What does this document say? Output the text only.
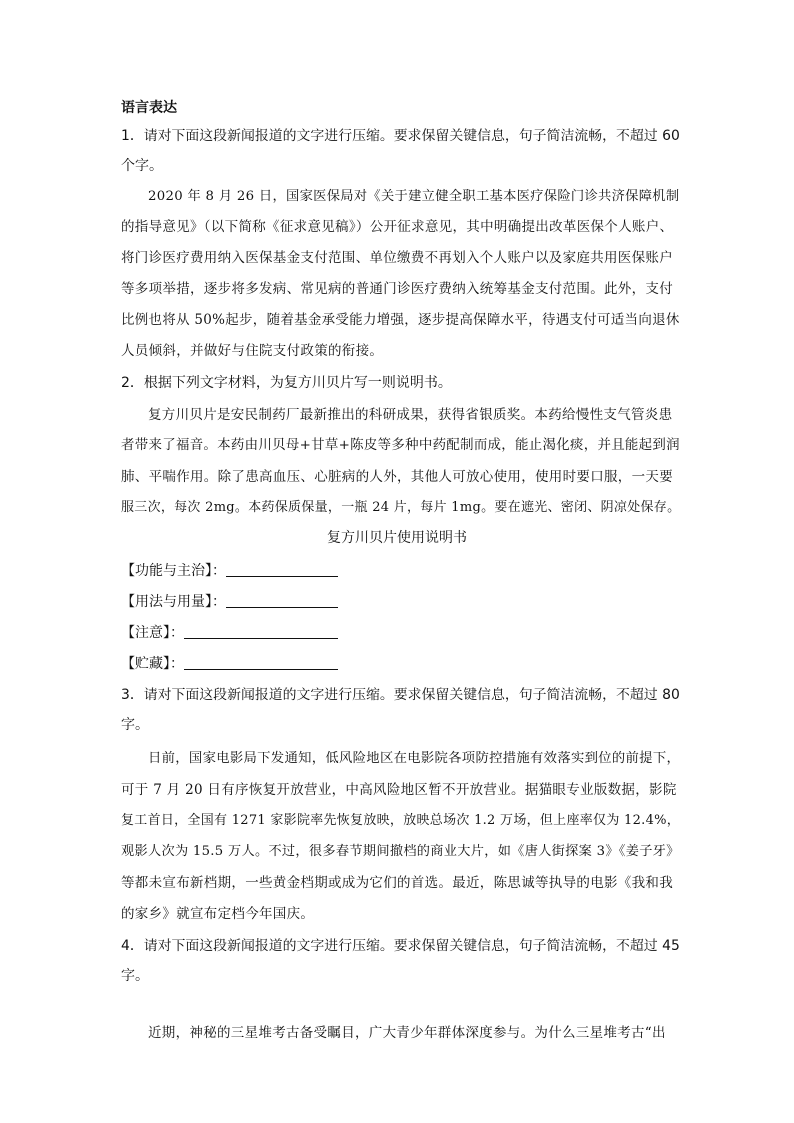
语言表达
1．请对下面这段新闻报道的文字进行压缩。要求保留关键信息，句子简洁流畅，不超过 60
个字。
2020 年 8 月 26 日，国家医保局对《关于建立健全职工基本医疗保险门诊共济保障机制
的指导意见》（以下简称《征求意见稿》）公开征求意见，其中明确提出改革医保个人账户、
将门诊医疗费用纳入医保基金支付范围、单位缴费不再划入个人账户以及家庭共用医保账户
等多项举措，逐步将多发病、常见病的普通门诊医疗费纳入统筹基金支付范围。此外，支付
比例也将从 50%起步，随着基金承受能力增强，逐步提高保障水平，待遇支付可适当向退休
人员倾斜，并做好与住院支付政策的衔接。
2．根据下列文字材料，为复方川贝片写一则说明书。
复方川贝片是安民制药厂最新推出的科研成果，获得省银质奖。本药给慢性支气管炎患
者带来了福音。本药由川贝母+甘草+陈皮等多种中药配制而成，能止渴化痰，并且能起到润
肺、平喘作用。除了患高血压、心脏病的人外，其他人可放心使用，使用时要口服，一天要
服三次，每次 2mg。本药保质保量，一瓶 24 片，每片 1mg。要在遮光、密闭、阴凉处保存。
复方川贝片使用说明书
【功能与主治】：
【用法与用量】：
【注意】：
【贮藏】：
3．请对下面这段新闻报道的文字进行压缩。要求保留关键信息，句子简洁流畅，不超过 80
字。
日前，国家电影局下发通知，低风险地区在电影院各项防控措施有效落实到位的前提下，
可于 7 月 20 日有序恢复开放营业，中高风险地区暂不开放营业。据猫眼专业版数据，影院
复工首日，全国有 1271 家影院率先恢复放映，放映总场次 1.2 万场，但上座率仅为 12.4%，
观影人次为 15.5 万人。不过，很多春节期间撤档的商业大片，如《唐人街探案 3》《姜子牙》
等都未宣布新档期，一些黄金档期或成为它们的首选。最近，陈思诚等执导的电影《我和我
的家乡》就宣布定档今年国庆。
4．请对下面这段新闻报道的文字进行压缩。要求保留关键信息，句子简洁流畅，不超过 45
字。
近期，神秘的三星堆考古备受瞩目，广大青少年群体深度参与。为什么三星堆考古“出
